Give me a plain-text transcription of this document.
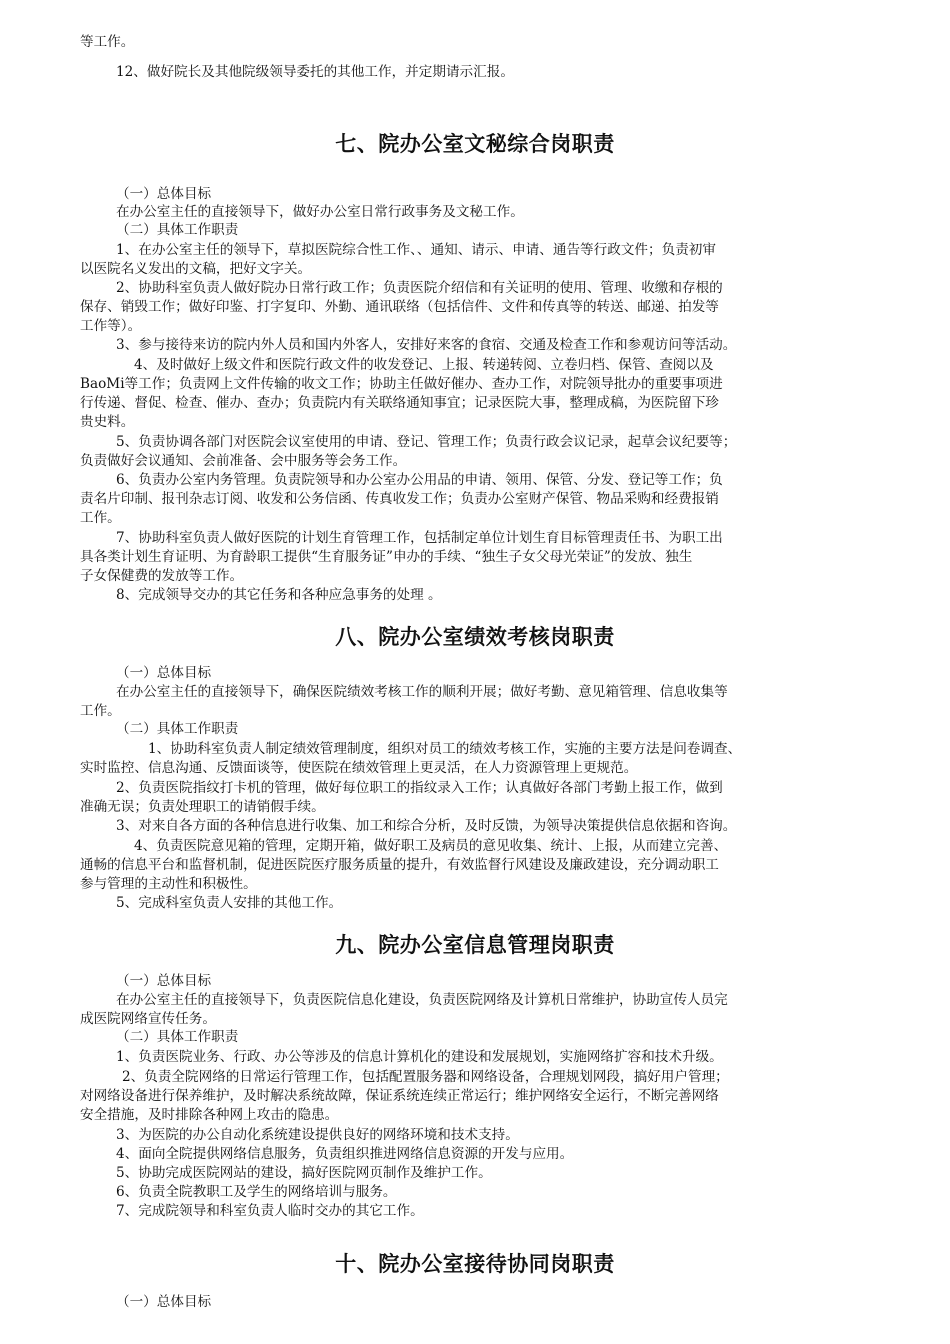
等工作。

12、做好院长及其他院级领导委托的其他工作，并定期请示汇报。

七、院办公室文秘综合岗职责

（一）总体目标

在办公室主任的直接领导下，做好办公室日常行政事务及文秘工作。

（二）具体工作职责

1、在办公室主任的领导下，草拟医院综合性工作、、通知、请示、申请、通告等行政文件；负责初审

以医院名义发出的文稿，把好文字关。

2、协助科室负责人做好院办日常行政工作；负责医院介绍信和有关证明的使用、管理、收缴和存根的

保存、销毁工作；做好印鉴、打字复印、外勤、通讯联络（包括信件、文件和传真等的转送、邮递、拍发等

工作等）。

3、参与接待来访的院内外人员和国内外客人，安排好来客的食宿、交通及检查工作和参观访问等活动。

4、及时做好上级文件和医院行政文件的收发登记、上报、转递转阅、立卷归档、保管、查阅以及

BaoMi等工作；负责网上文件传输的收文工作；协助主任做好催办、查办工作，对院领导批办的重要事项进

行传递、督促、检查、催办、查办；负责院内有关联络通知事宜；记录医院大事，整理成稿，为医院留下珍

贵史料。

5、负责协调各部门对医院会议室使用的申请、登记、管理工作；负责行政会议记录，起草会议纪要等；

负责做好会议通知、会前准备、会中服务等会务工作。

6、负责办公室内务管理。负责院领导和办公室办公用品的申请、领用、保管、分发、登记等工作；负

责名片印制、报刊杂志订阅、收发和公务信函、传真收发工作；负责办公室财产保管、物品采购和经费报销

工作。

7、协助科室负责人做好医院的计划生育管理工作，包括制定单位计划生育目标管理责任书、为职工出

具各类计划生育证明、为育龄职工提供“生育服务证”申办的手续、“独生子女父母光荣证”的发放、独生

子女保健费的发放等工作。

8、完成领导交办的其它任务和各种应急事务的处理 。

八、院办公室绩效考核岗职责

（一）总体目标

在办公室主任的直接领导下，确保医院绩效考核工作的顺利开展；做好考勤、意见箱管理、信息收集等

工作。

（二）具体工作职责

1、协助科室负责人制定绩效管理制度，组织对员工的绩效考核工作，实施的主要方法是问卷调查、

实时监控、信息沟通、反馈面谈等，使医院在绩效管理上更灵活，在人力资源管理上更规范。

2、负责医院指纹打卡机的管理，做好每位职工的指纹录入工作；认真做好各部门考勤上报工作，做到

准确无误；负责处理职工的请销假手续。

3、对来自各方面的各种信息进行收集、加工和综合分析，及时反馈，为领导决策提供信息依据和咨询。

4、负责医院意见箱的管理，定期开箱，做好职工及病员的意见收集、统计、上报，从而建立完善、

通畅的信息平台和监督机制，促进医院医疗服务质量的提升，有效监督行风建设及廉政建设，充分调动职工

参与管理的主动性和积极性。

5、完成科室负责人安排的其他工作。

九、院办公室信息管理岗职责

（一）总体目标

在办公室主任的直接领导下，负责医院信息化建设，负责医院网络及计算机日常维护，协助宣传人员完

成医院网络宣传任务。

（二）具体工作职责

1、负责医院业务、行政、办公等涉及的信息计算机化的建设和发展规划，实施网络扩容和技术升级。

2、负责全院网络的日常运行管理工作，包括配置服务器和网络设备，合理规划网段，搞好用户管理；

对网络设备进行保养维护，及时解决系统故障，保证系统连续正常运行；维护网络安全运行，不断完善网络

安全措施，及时排除各种网上攻击的隐患。

3、为医院的办公自动化系统建设提供良好的网络环境和技术支持。

4、面向全院提供网络信息服务，负责组织推进网络信息资源的开发与应用。

5、协助完成医院网站的建设，搞好医院网页制作及维护工作。

6、负责全院教职工及学生的网络培训与服务。

7、完成院领导和科室负责人临时交办的其它工作。

十、院办公室接待协同岗职责

（一）总体目标
